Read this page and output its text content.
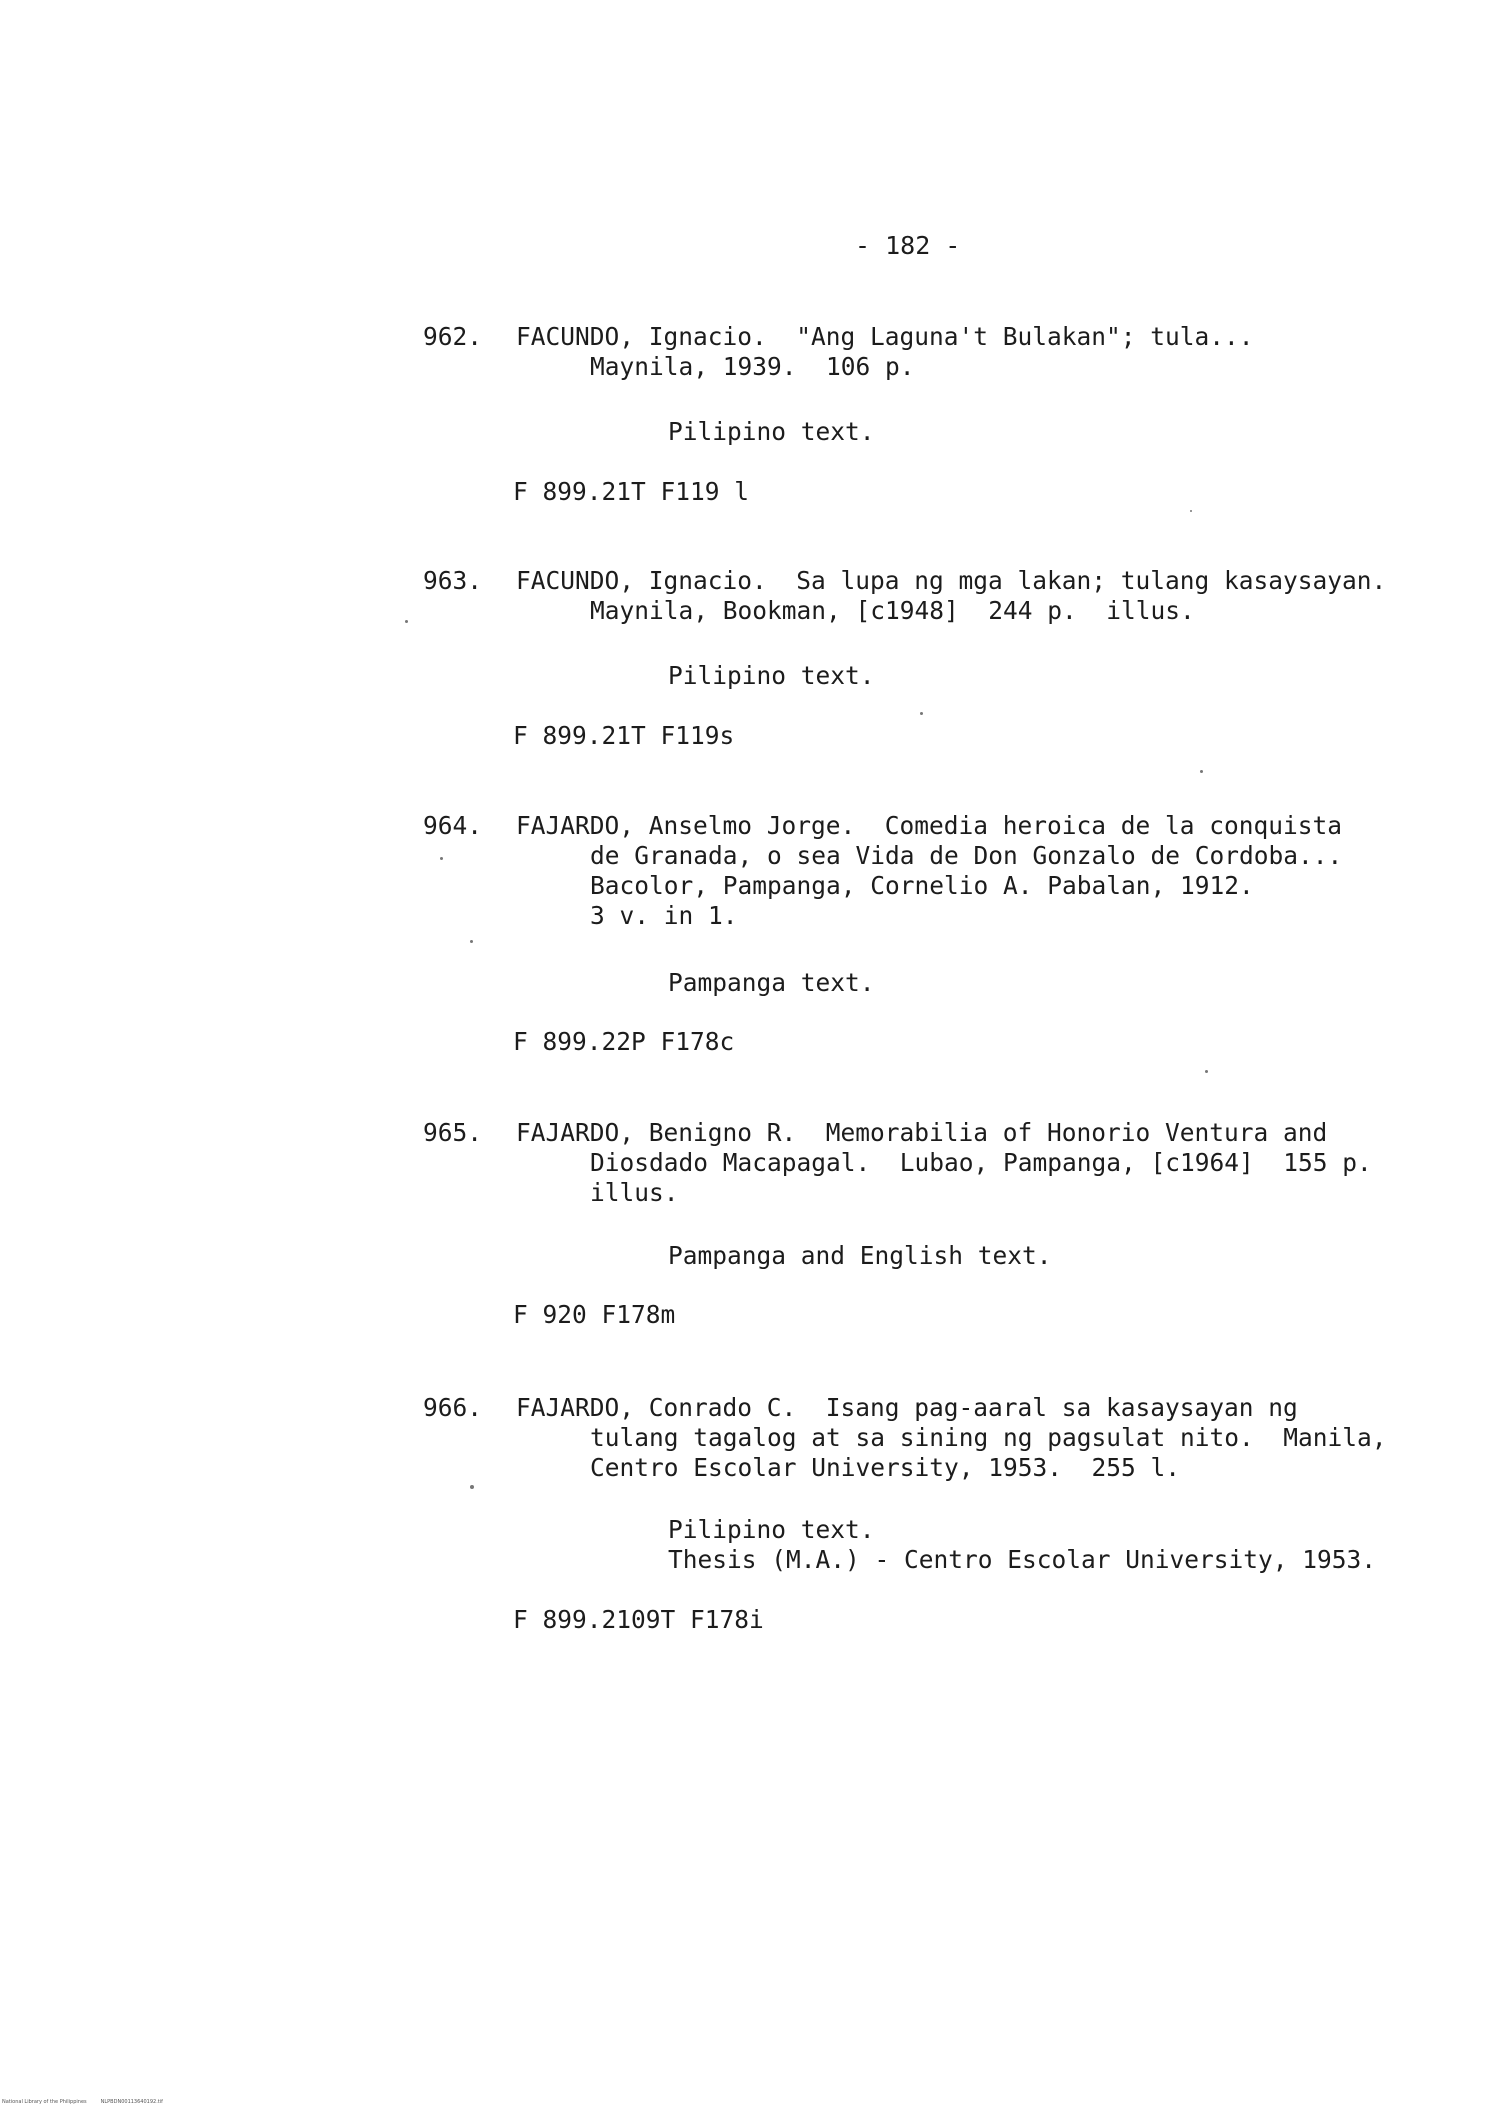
- 182 -
962. FACUNDO, Ignacio.  "Ang Laguna't Bulakan"; tula...
Maynila, 1939.  106 p.
Pilipino text.
F 899.21T F119 l
963. FACUNDO, Ignacio.  Sa lupa ng mga lakan; tulang kasaysayan.
Maynila, Bookman, [c1948]  244 p.  illus.
Pilipino text.
F 899.21T F119s
964. FAJARDO, Anselmo Jorge.  Comedia heroica de la conquista
de Granada, o sea Vida de Don Gonzalo de Cordoba...
Bacolor, Pampanga, Cornelio A. Pabalan, 1912.
3 v. in 1.
Pampanga text.
F 899.22P F178c
965. FAJARDO, Benigno R.  Memorabilia of Honorio Ventura and
Diosdado Macapagal.  Lubao, Pampanga, [c1964]  155 p.
illus.
Pampanga and English text.
F 920 F178m
966. FAJARDO, Conrado C.  Isang pag-aaral sa kasaysayan ng
tulang tagalog at sa sining ng pagsulat nito.  Manila,
Centro Escolar University, 1953.  255 l.
Pilipino text.
Thesis (M.A.) - Centro Escolar University, 1953.
F 899.2109T F178i
National Library of the Philippines	NLPBDN00113640192.tif
